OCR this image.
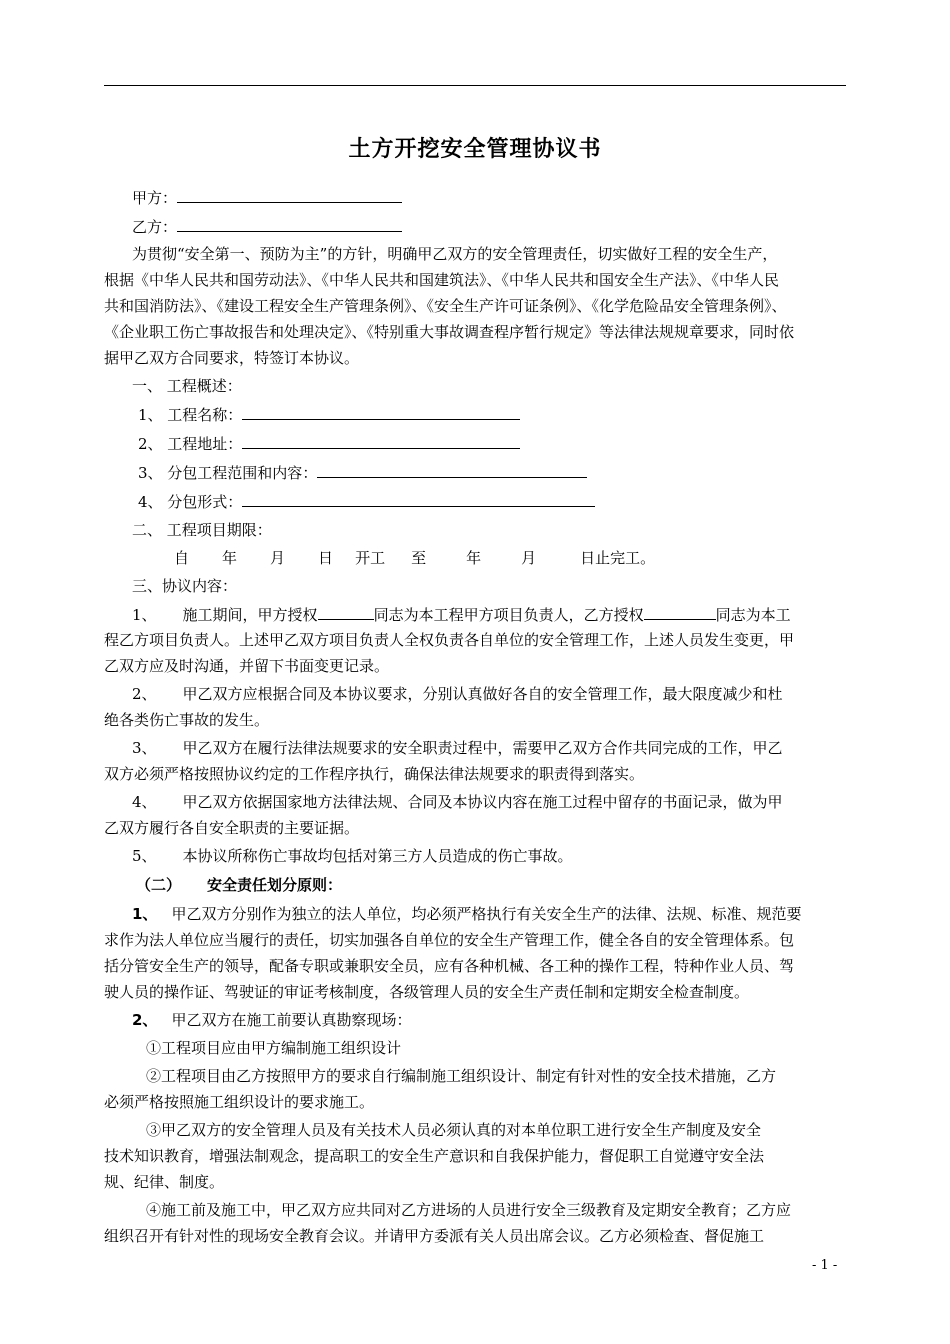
土方开挖安全管理协议书
甲方：
乙方：
为贯彻“安全第一、预防为主”的方针，明确甲乙双方的安全管理责任，切实做好工程的安全生产，
根据《中华人民共和国劳动法》、《中华人民共和国建筑法》、《中华人民共和国安全生产法》、《中华人民
共和国消防法》、《建设工程安全生产管理条例》、《安全生产许可证条例》、《化学危险品安全管理条例》、
《企业职工伤亡事故报告和处理决定》、《特别重大事故调查程序暂行规定》等法律法规规章要求，同时依
据甲乙双方合同要求，特签订本协议。
一、 工程概述：
1、 工程名称：
2、 工程地址：
3、 分包工程范围和内容：
4、 分包形式：
二、 工程项目期限：
自 年 月 日 开工 至	年	月	日止完工。
三、协议内容：
1、 施工期间，甲方授权	同志为本工程甲方项目负责人，乙方授权	同志为本工
程乙方项目负责人。上述甲乙双方项目负责人全权负责各自单位的安全管理工作，上述人员发生变更，甲
乙双方应及时沟通，并留下书面变更记录。
2、 甲乙双方应根据合同及本协议要求，分别认真做好各自的安全管理工作，最大限度减少和杜
绝各类伤亡事故的发生。
3、 甲乙双方在履行法律法规要求的安全职责过程中，需要甲乙双方合作共同完成的工作，甲乙
双方必须严格按照协议约定的工作程序执行，确保法律法规要求的职责得到落实。
4、 甲乙双方依据国家地方法律法规、合同及本协议内容在施工过程中留存的书面记录，做为甲
乙双方履行各自安全职责的主要证据。
5、 本协议所称伤亡事故均包括对第三方人员造成的伤亡事故。
（二） 安全责任划分原则：
1、 甲乙双方分别作为独立的法人单位，均必须严格执行有关安全生产的法律、法规、标准、规范要
求作为法人单位应当履行的责任，切实加强各自单位的安全生产管理工作，健全各自的安全管理体系。包
括分管安全生产的领导，配备专职或兼职安全员，应有各种机械、各工种的操作工程，特种作业人员、驾
驶人员的操作证、驾驶证的审证考核制度，各级管理人员的安全生产责任制和定期安全检查制度。
2、 甲乙双方在施工前要认真勘察现场：
①工程项目应由甲方编制施工组织设计
②工程项目由乙方按照甲方的要求自行编制施工组织设计、制定有针对性的安全技术措施，乙方
必须严格按照施工组织设计的要求施工。
③甲乙双方的安全管理人员及有关技术人员必须认真的对本单位职工进行安全生产制度及安全
技术知识教育，增强法制观念，提高职工的安全生产意识和自我保护能力，督促职工自觉遵守安全法
规、纪律、制度。
④施工前及施工中，甲乙双方应共同对乙方进场的人员进行安全三级教育及定期安全教育；乙方应
组织召开有针对性的现场安全教育会议。并请甲方委派有关人员出席会议。乙方必须检查、督促施工
- 1 -
